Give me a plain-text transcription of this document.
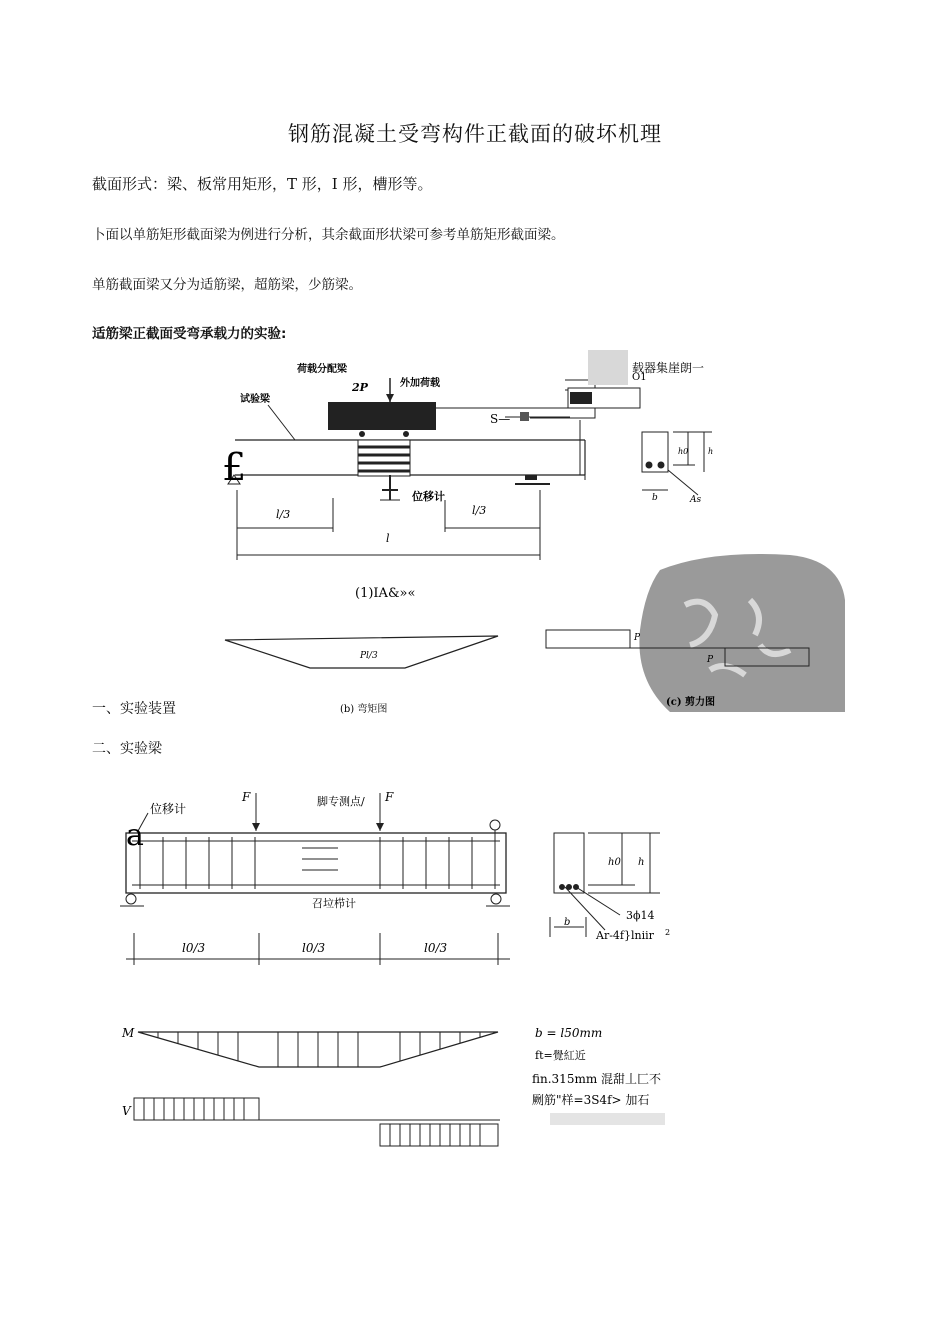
钢筋混凝土受弯构件正截面的破坏机理
截面形式：梁、板常用矩形，T 形，I 形，槽形等。
卜面以单筋矩形截面梁为例进行分析，其余截面形状梁可参考单筋矩形截面梁。
单筋截面梁又分为适筋梁，超筋梁，少筋梁。
适筋梁正截面受弯承载力的实验:
荷载分配梁
2P	外加荷载
试验梁
载器集崖朗一
O1
S—
£
位移计
l/3	l/3
l
h0 h
b	As
(1)IA&»«
Pl/3
(b) 弯矩图
P
P
(c) 剪力图
一、实验装置
二、实验梁
位移计
a
F	F
脚专测点/
召垃栉计
l0/3	l0/3	l0/3
M
V
h0 h
b
3ϕ14
Ar-4f}lniir 2
b = l50mm
ft=覺紅近
fin.315mm 混甜丄匚不
劂筋"样=3S4f> 加石
